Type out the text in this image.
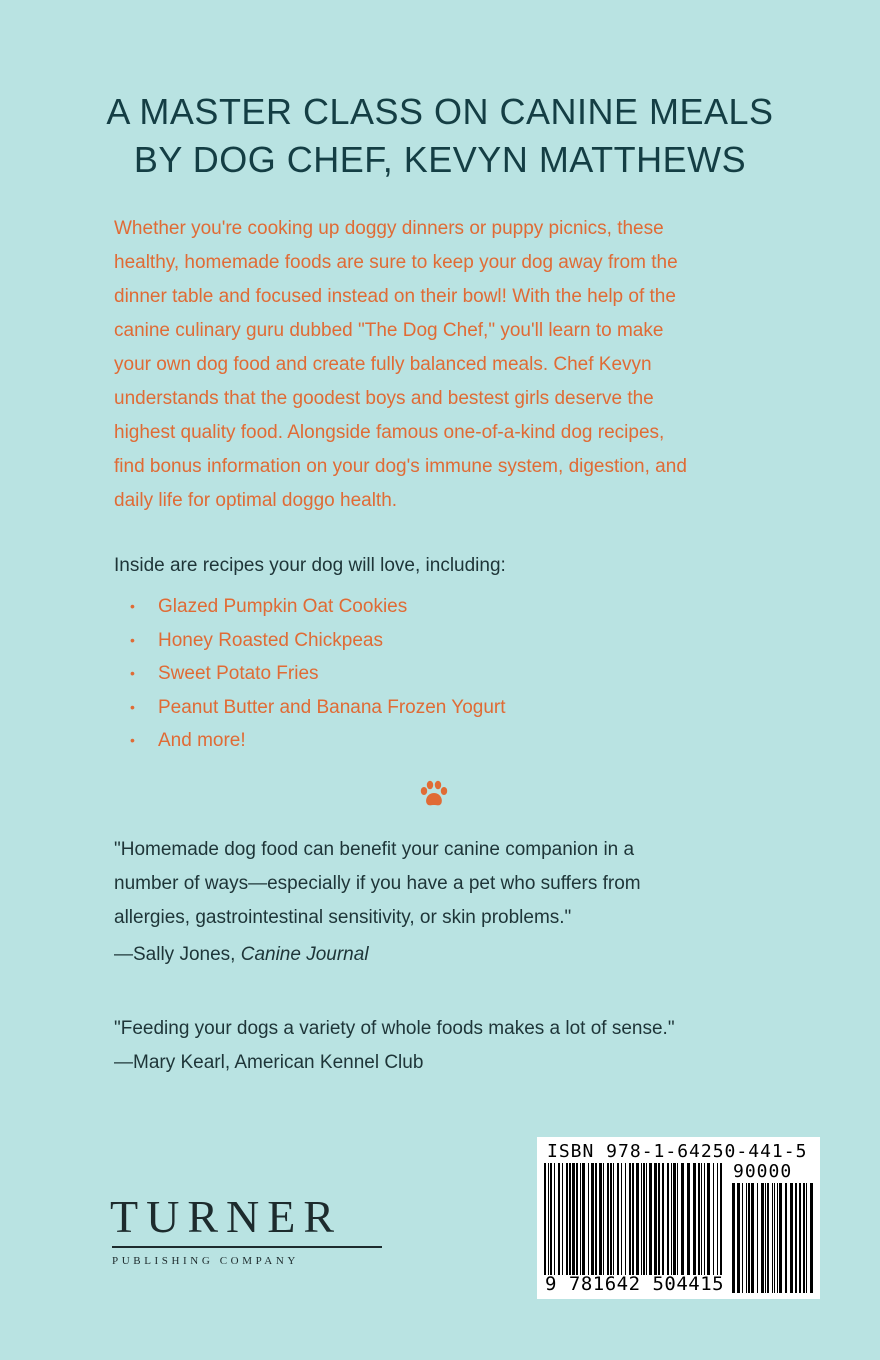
A MASTER CLASS ON CANINE MEALS
BY DOG CHEF, KEVYN MATTHEWS
Whether you're cooking up doggy dinners or puppy picnics, these
healthy, homemade foods are sure to keep your dog away from the
dinner table and focused instead on their bowl! With the help of the
canine culinary guru dubbed "The Dog Chef," you'll learn to make
your own dog food and create fully balanced meals. Chef Kevyn
understands that the goodest boys and bestest girls deserve the
highest quality food. Alongside famous one-of-a-kind dog recipes,
find bonus information on your dog's immune system, digestion, and
daily life for optimal doggo health.
Inside are recipes your dog will love, including:
• Glazed Pumpkin Oat Cookies
• Honey Roasted Chickpeas
• Sweet Potato Fries
• Peanut Butter and Banana Frozen Yogurt
• And more!
"Homemade dog food can benefit your canine companion in a
number of ways—especially if you have a pet who suffers from
allergies, gastrointestinal sensitivity, or skin problems."
—Sally Jones, Canine Journal
"Feeding your dogs a variety of whole foods makes a lot of sense."
—Mary Kearl, American Kennel Club
TURNER
PUBLISHING COMPANY
ISBN 978-1-64250-441-5
90000
9 781642 504415
